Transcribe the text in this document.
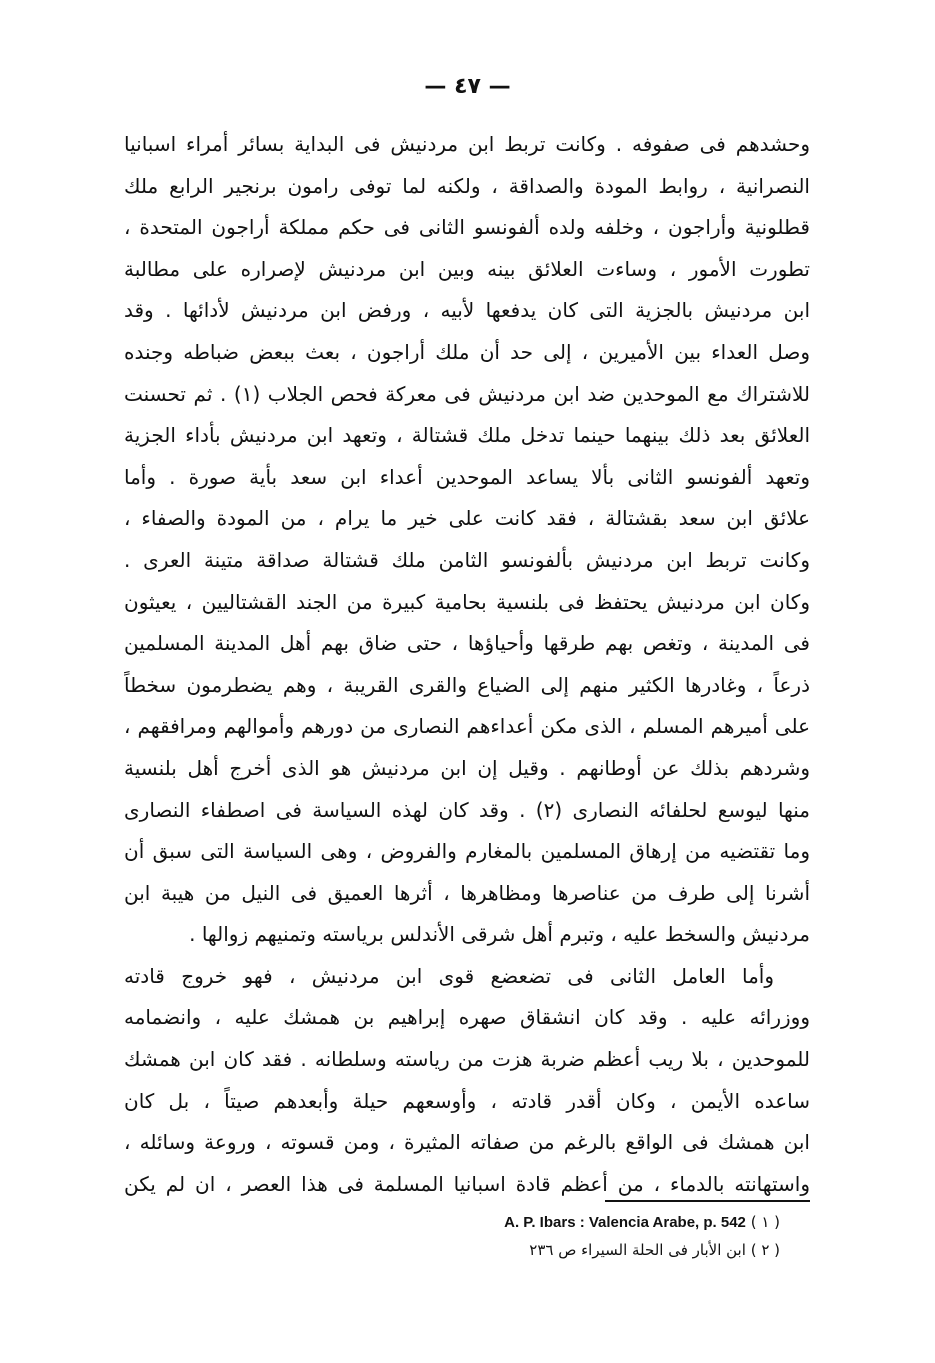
— ٤٧ —
وحشدهم فى صفوفه . وكانت تربط ابن مردنيش فى البداية بسائر أمراء اسبانيا
النصرانية ، روابط المودة والصداقة ، ولكنه لما توفى رامون برنجير الرابع ملك
قطلونية وأراجون ، وخلفه ولده ألفونسو الثانى فى حكم مملكة أراجون المتحدة ،
تطورت الأمور ، وساءت العلائق بينه وبين ابن مردنيش لإصراره على مطالبة
ابن مردنيش بالجزية التى كان يدفعها لأبيه ، ورفض ابن مردنيش لأدائها . وقد
وصل العداء بين الأميرين ، إلى حد أن ملك أراجون ، بعث ببعض ضباطه وجنده
للاشتراك مع الموحدين ضد ابن مردنيش فى معركة فحص الجلاب (١) . ثم تحسنت
العلائق بعد ذلك بينهما حينما تدخل ملك قشتالة ، وتعهد ابن مردنيش بأداء الجزية
وتعهد ألفونسو الثانى بألا يساعد الموحدين أعداء ابن سعد بأية صورة . وأما
علائق ابن سعد بقشتالة ، فقد كانت على خير ما يرام ، من المودة والصفاء ،
وكانت تربط ابن مردنيش بألفونسو الثامن ملك قشتالة صداقة متينة العرى .
وكان ابن مردنيش يحتفظ فى بلنسية بحامية كبيرة من الجند القشتاليين ، يعيثون
فى المدينة ، وتغص بهم طرقها وأحياؤها ، حتى ضاق بهم أهل المدينة المسلمين
ذرعاً ، وغادرها الكثير منهم إلى الضياع والقرى القريبة ، وهم يضطرمون سخطاً
على أميرهم المسلم ، الذى مكن أعداءهم النصارى من دورهم وأموالهم ومرافقهم ،
وشردهم بذلك عن أوطانهم . وقيل إن ابن مردنيش هو الذى أخرج أهل بلنسية
منها ليوسع لحلفائه النصارى (٢) . وقد كان لهذه السياسة فى اصطفاء النصارى
وما تقتضيه من إرهاق المسلمين بالمغارم والفروض ، وهى السياسة التى سبق أن
أشرنا إلى طرف من عناصرها ومظاهرها ، أثرها العميق فى النيل من هيبة ابن
مردنيش والسخط عليه ، وتبرم أهل شرقى الأندلس برياسته وتمنيهم زوالها .
وأما العامل الثانى فى تضعضع قوى ابن مردنيش ، فهو خروج قادته
ووزرائه عليه . وقد كان انشقاق صهره إبراهيم بن همشك عليه ، وانضمامه
للموحدين ، بلا ريب أعظم ضربة هزت من رياسته وسلطانه . فقد كان ابن همشك
ساعده الأيمن ، وكان أقدر قادته ، وأوسعهم حيلة وأبعدهم صيتاً ، بل كان
ابن همشك فى الواقع بالرغم من صفاته المثيرة ، ومن قسوته ، وروعة وسائله ،
واستهانته بالدماء ، من أعظم قادة اسبانيا المسلمة فى هذا العصر ، ان لم يكن
( ١ ) A. P. Ibars : Valencia Arabe, p. 542
( ٢ ) ابن الأبار فى الحلة السيراء ص ٢٣٦
